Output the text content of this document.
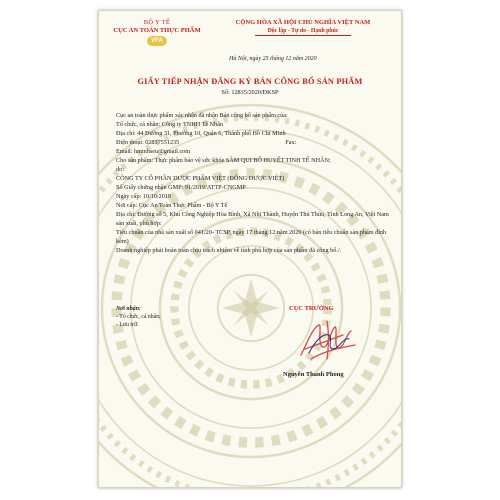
BỘ Y TẾ
CỤC AN TOÀN THỰC PHẨM
VFA
CỘNG HÒA XÃ HỘI CHỦ NGHĨA VIỆT NAM
Độc lập - Tự do - Hạnh phúc
Hà Nội, ngày 25 tháng 12 năm 2020
GIẤY TIẾP NHẬN ĐĂNG KÝ BẢN CÔNG BỐ SẢN PHẨM
Số: 12835/2020/ĐKSP
Cục an toàn thực phẩm xác nhận đã nhận Bản công bố sản phẩm của:
Tổ chức, cá nhân: Công ty TNHH Tế Nhân
Địa chỉ: 44 Đường 31, Phường 10, Quận 6, Thành phố Hồ Chí Minh
Điện thoại: 02837551235	Fax:
Email: hminhseu@gmail.com
Cho sản phẩm: Thực phẩm bảo vệ sức khỏe SÂM QUI BỔ HUYẾT TINH TẾ NHÂN;
do:
CÔNG TY CỔ PHẦN DƯỢC PHẨM VIỆT (ĐÔNG DƯỢC VIỆT)
Số Giấy chứng nhận GMP: 91/2019/ATTP-CNGMP
Ngày cấp: 10/10/2019
Nơi cấp: Cục An Toàn Thực Phẩm - Bộ Y Tế
Địa chỉ: Đường số 5, Khu Công Nghiệp Hòa Bình, Xã Nhị Thành, Huyện Thủ Thừa, Tỉnh Long An, Việt Nam sản xuất, phù hợp:
Tiêu chuẩn của nhà sản xuất số 041/20- TCSP, ngày 17 tháng 12 năm 2020 (có bản tiêu chuẩn sản phẩm đính kèm)
Doanh nghiệp phải hoàn toàn chịu trách nhiệm về tính phù hợp của sản phẩm đã công bố./.
Nơi nhận:
- Tổ chức, cá nhân;
- Lưu trữ.
CỤC TRƯỞNG
Nguyễn Thanh Phong
